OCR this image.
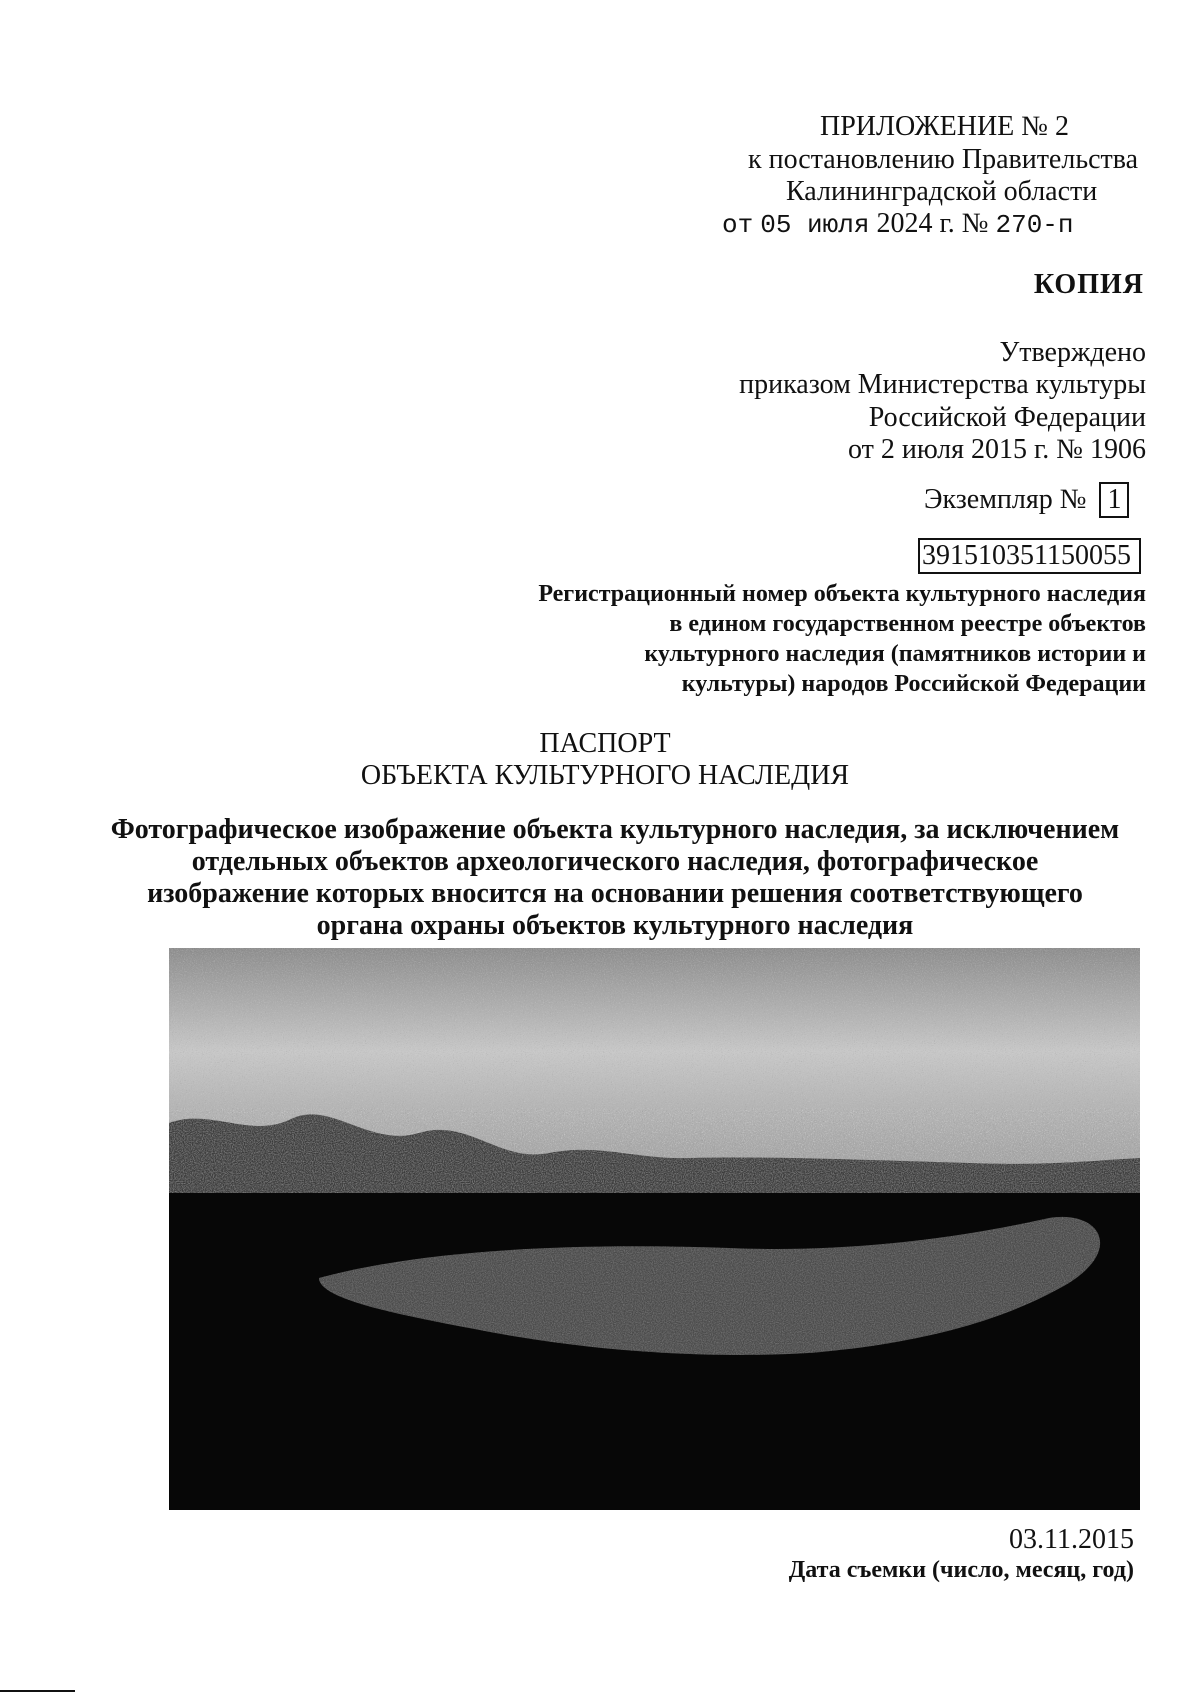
ПРИЛОЖЕНИЕ № 2
к постановлению Правительства
Калининградской области
от 05 июля 2024 г. № 270-п
КОПИЯ
Утверждено
приказом Министерства культуры
Российской Федерации
от 2 июля 2015 г. № 1906
Экземпляр № 1
391510351150055
Регистрационный номер объекта культурного наследия
в едином государственном реестре объектов
культурного наследия (памятников истории и
культуры) народов Российской Федерации
ПАСПОРТ
ОБЪЕКТА КУЛЬТУРНОГО НАСЛЕДИЯ
Фотографическое изображение объекта культурного наследия, за исключением
отдельных объектов археологического наследия, фотографическое
изображение которых вносится на основании решения соответствующего
органа охраны объектов культурного наследия
03.11.2015
Дата съемки (число, месяц, год)
